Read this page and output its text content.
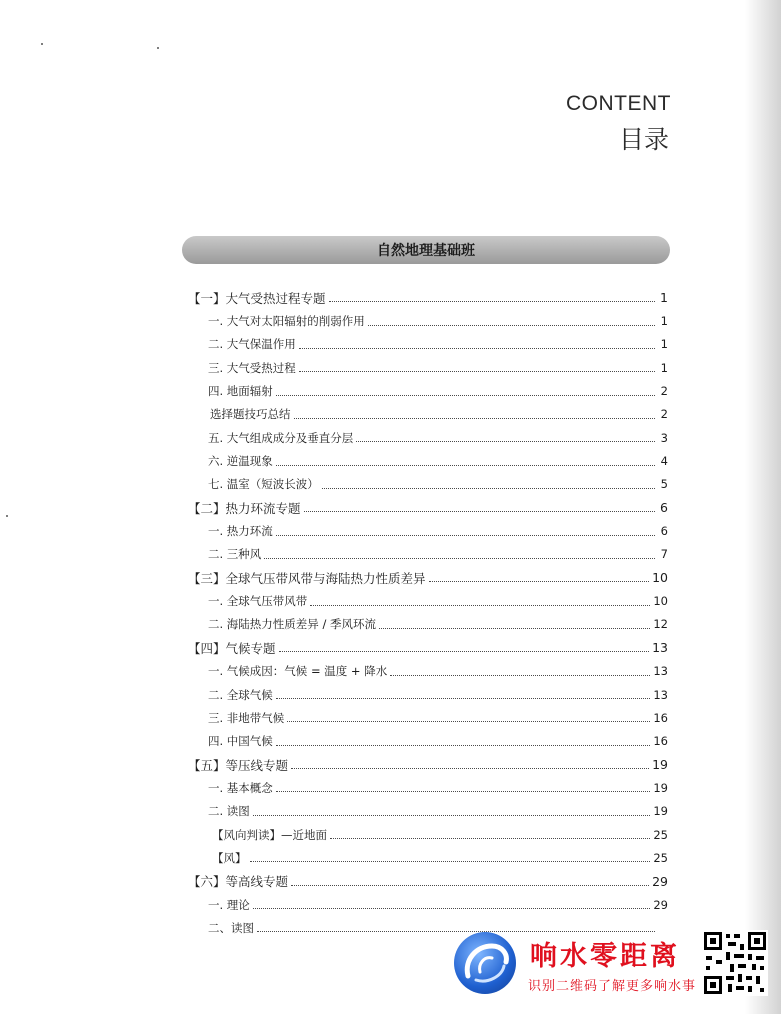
CONTENT
目录
自然地理基础班
【一】大气受热过程专题	1
一. 大气对太阳辐射的削弱作用	1
二. 大气保温作用	1
三. 大气受热过程	1
四. 地面辐射	2
选择题技巧总结	2
五. 大气组成成分及垂直分层	3
六. 逆温现象	4
七. 温室（短波长波）	5
【二】热力环流专题	6
一. 热力环流	6
二. 三种风	7
【三】全球气压带风带与海陆热力性质差异	10
一. 全球气压带风带	10
二. 海陆热力性质差异 / 季风环流	12
【四】气候专题	13
一. 气候成因：气候 = 温度 + 降水	13
二. 全球气候	13
三. 非地带气候	16
四. 中国气候	16
【五】等压线专题	19
一. 基本概念	19
二. 读图	19
【风向判读】—近地面	25
【风】	25
【六】等高线专题	29
一. 理论	29
二、读图
响水零距离
识别二维码了解更多响水事
